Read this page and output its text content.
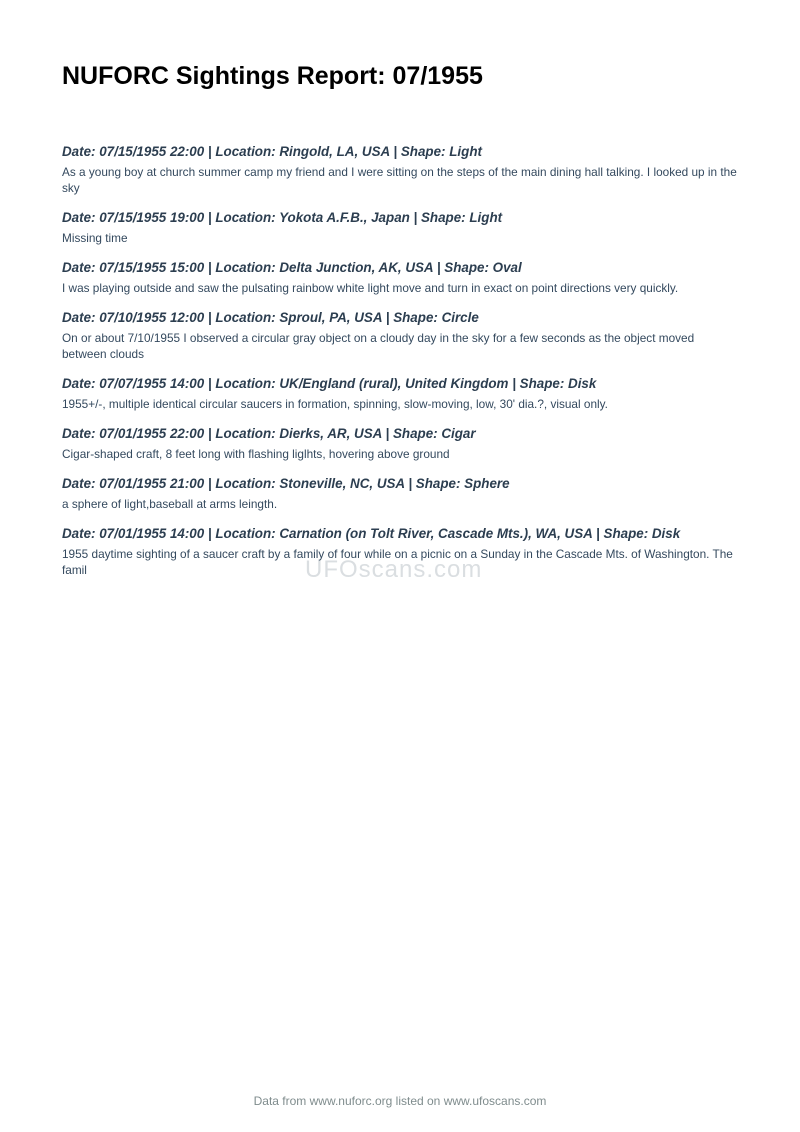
NUFORC Sightings Report: 07/1955
Date: 07/15/1955 22:00 | Location: Ringold, LA, USA | Shape: Light

As a young boy at church summer camp my friend and I were sitting on the steps of the main dining hall talking. I looked up in the sky

Date: 07/15/1955 19:00 | Location: Yokota A.F.B., Japan | Shape: Light

Missing time

Date: 07/15/1955 15:00 | Location: Delta Junction, AK, USA | Shape: Oval

I was playing outside and saw the pulsating rainbow white light move and turn in exact on point directions very quickly.

Date: 07/10/1955 12:00 | Location: Sproul, PA, USA | Shape: Circle

On or about 7/10/1955 I observed a circular gray object on a cloudy day in the sky for a few seconds as the object moved between clouds

Date: 07/07/1955 14:00 | Location: UK/England (rural), United Kingdom | Shape: Disk

1955+/-, multiple identical circular saucers in formation, spinning, slow-moving, low, 30' dia.?, visual only.

Date: 07/01/1955 22:00 | Location: Dierks, AR, USA | Shape: Cigar

Cigar-shaped craft, 8 feet long with flashing liglhts, hovering above ground

Date: 07/01/1955 21:00 | Location: Stoneville, NC, USA | Shape: Sphere

a sphere of light,baseball at arms leingth.

Date: 07/01/1955 14:00 | Location: Carnation (on Tolt River, Cascade Mts.), WA, USA | Shape: Disk

1955 daytime sighting of a saucer craft by a family of four while on a picnic on a Sunday in the Cascade Mts. of Washington. The famil	UFOscans.com
Data from www.nuforc.org listed on www.ufoscans.com
